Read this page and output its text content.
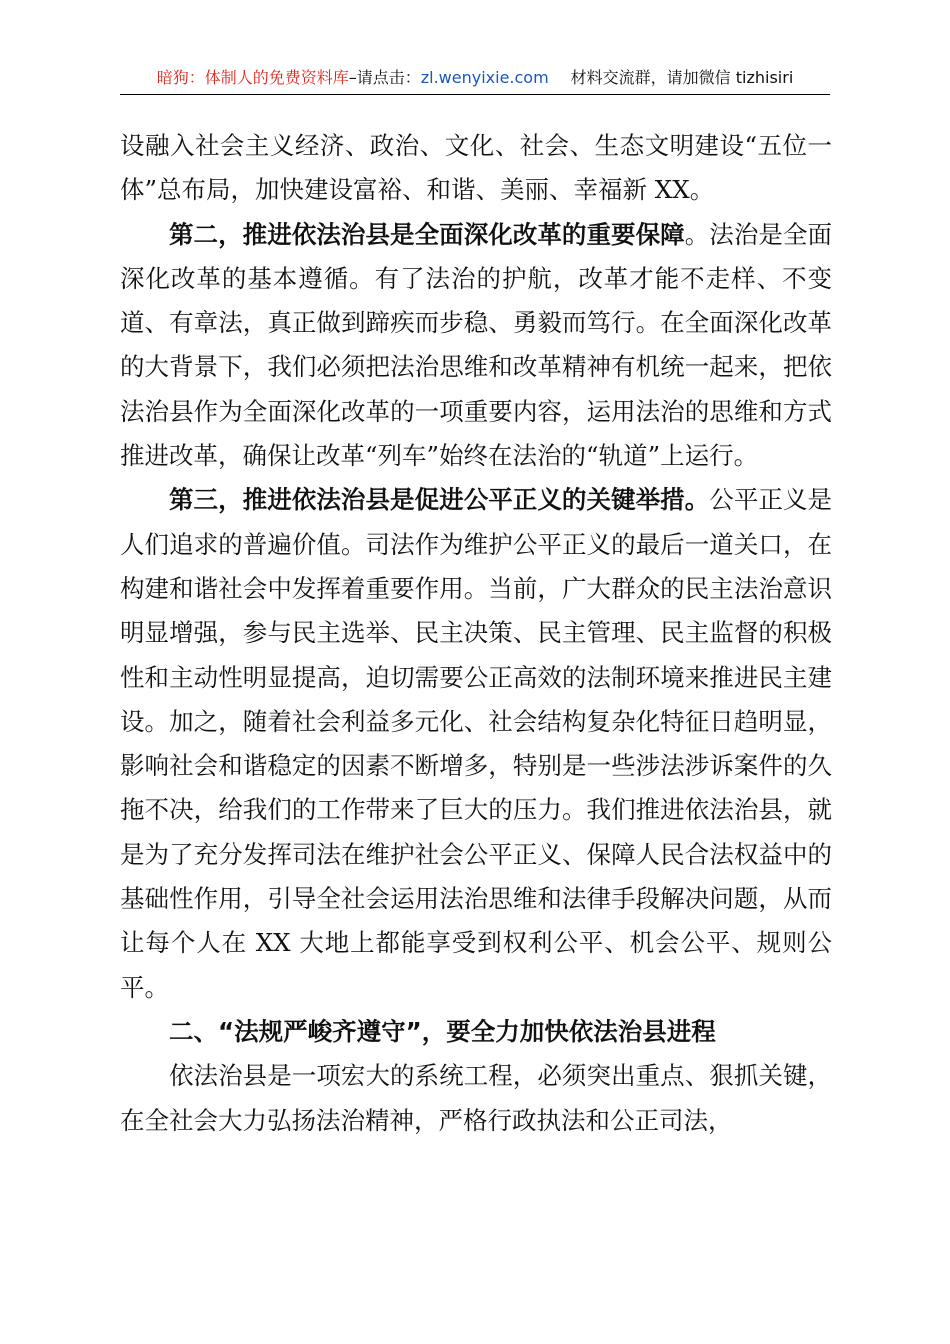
暗狗：体制人的免费资料库–请点击：zl.wenyixie.com 材料交流群，请加微信 tizhisiri

设融入社会主义经济、政治、文化、社会、生态文明建设“五位一体”总布局，加快建设富裕、和谐、美丽、幸福新 XX。

第二，推进依法治县是全面深化改革的重要保障。法治是全面深化改革的基本遵循。有了法治的护航，改革才能不走样、不变道、有章法，真正做到蹄疾而步稳、勇毅而笃行。在全面深化改革的大背景下，我们必须把法治思维和改革精神有机统一起来，把依法治县作为全面深化改革的一项重要内容，运用法治的思维和方式推进改革，确保让改革“列车”始终在法治的“轨道”上运行。

第三，推进依法治县是促进公平正义的关键举措。公平正义是人们追求的普遍价值。司法作为维护公平正义的最后一道关口，在构建和谐社会中发挥着重要作用。当前，广大群众的民主法治意识明显增强，参与民主选举、民主决策、民主管理、民主监督的积极性和主动性明显提高，迫切需要公正高效的法制环境来推进民主建设。加之，随着社会利益多元化、社会结构复杂化特征日趋明显，影响社会和谐稳定的因素不断增多，特别是一些涉法涉诉案件的久拖不决，给我们的工作带来了巨大的压力。我们推进依法治县，就是为了充分发挥司法在维护社会公平正义、保障人民合法权益中的基础性作用，引导全社会运用法治思维和法律手段解决问题，从而让每个人在 XX 大地上都能享受到权利公平、机会公平、规则公平。

二、“法规严峻齐遵守”，要全力加快依法治县进程

依法治县是一项宏大的系统工程，必须突出重点、狠抓关键，在全社会大力弘扬法治精神，严格行政执法和公正司法，
